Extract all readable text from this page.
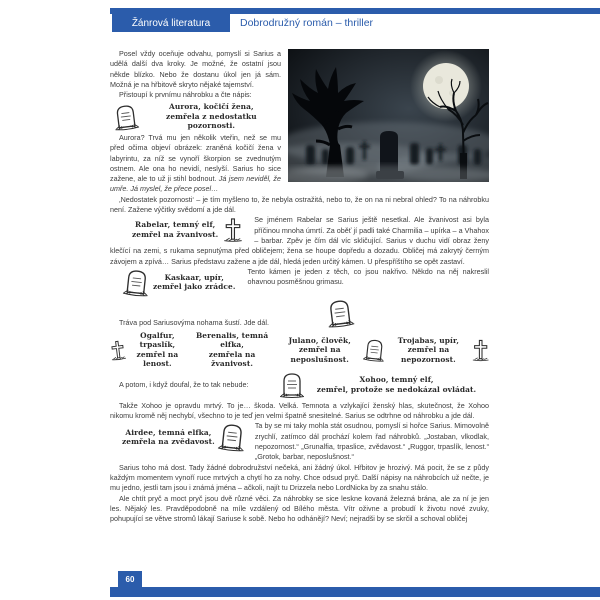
Žánrová literatura	Dobrodružný román – thriller

Posel vždy oceňuje odvahu, pomyslí si Sarius a udělá další dva kroky. Je možné, že ostatní jsou někde blízko. Nebo že dostanu úkol jen já sám. Možná je na hřbitově skryto nějaké tajemství.

Přistoupí k prvnímu náhrobku a čte nápis:

Aurora, kočičí žena,
zemřela z nedostatku pozornosti.

Aurora? Trvá mu jen několik vteřin, než se mu před očima objeví obrázek: zraněná kočičí žena v labyrintu, za níž se vynoří škorpion se zvednutým ostnem. Ale ona ho nevidí, neslyší. Sarius ho sice zažene, ale to už ji stihl bodnout. Já jsem neviděl, že umře. Já myslel, že přece posel…

‚Nedostatek pozornosti‘ – je tím myšleno to, že nebyla ostražitá, nebo to, že on na ni nebral ohled? To na náhrobku není. Zažene výčitky svědomí a jde dál.

Rabelar, temný elf,
zemřel na žvanivost.

Se jménem Rabelar se Sarius ještě nesetkal. Ale žvanivost asi byla příčinou mnoha úmrtí. Za oběť jí padli také Charmilia – upírka – a Vhahox – barbar. Zpěv je čím dál víc skličující. Sarius v duchu vidí obraz ženy klečící na zemi, s rukama sepnutýma před obličejem; žena se houpe dopředu a dozadu. Obličej má zakrytý černým závojem a zpívá… Sarius představu zažene a jde dál, hledá jeden určitý kámen. U přespříštího se opět zastaví.

Kaskaar, upír,
zemřel jako zrádce.

Tento kámen je jeden z těch, co jsou nakřivo. Někdo na něj nakreslil ohavnou posměšnou grimasu.

Tráva pod Sariusovýma nohama šustí. Jde dál.

Ogalfur, trpaslík,
zemřel na lenost.
Berenalis, temná elfka,
zemřela na žvanivost.
Julano, člověk,
zemřel na neposlušnost.
Trojabas, upír,
zemřel na nepozornost.

A potom, i když doufal, že to tak nebude:	Xohoo, temný elf,
zemřel, protože se nedokázal ovládat.

Takže Xohoo je opravdu mrtvý. To je… škoda. Velká. Temnota a vzlykající ženský hlas, skutečnost, že Xohoo nikomu kromě něj nechybí, všechno to je teď jen velmi špatně snesitelné. Sarius se odtrhne od náhrobku a jde dál.

Airdee, temná elfka,
zemřela na zvědavost.

Ta by se mi taky mohla stát osudnou, pomyslí si hořce Sarius. Mimovolně zrychlí, zatímco dál prochází kolem řad náhrobků. „Jostaban, vlkodlak, nepozornost.“ „Grunalfia, trpaslice, zvědavost.“ „Ruggor, trpaslík, lenost.“ „Grotok, barbar, neposlušnost.“

Sarius toho má dost. Tady žádné dobrodružství nečeká, ani žádný úkol. Hřbitov je hrozivý. Má pocit, že se z půdy každým momentem vynoří ruce mrtvých a chytí ho za nohy. Chce odsud pryč. Další nápisy na náhrobcích už nečte, je mu jedno, jestli tam jsou i známá jména – ačkoli, najít tu Drizzela nebo LordNicka by za snahu stálo.

Ale chtít pryč a moct pryč jsou dvě různé věci. Za náhrobky se sice leskne kovaná železná brána, ale za ní je jen les. Nějaký les. Pravděpodobně na míle vzdálený od Bílého města. Vítr oživne a probudí k životu nové zvuky, pohupující se větve stromů lákají Sariuse k sobě. Nebo ho odhánějí? Neví; nejradši by se skrčil a schoval obličej

60
